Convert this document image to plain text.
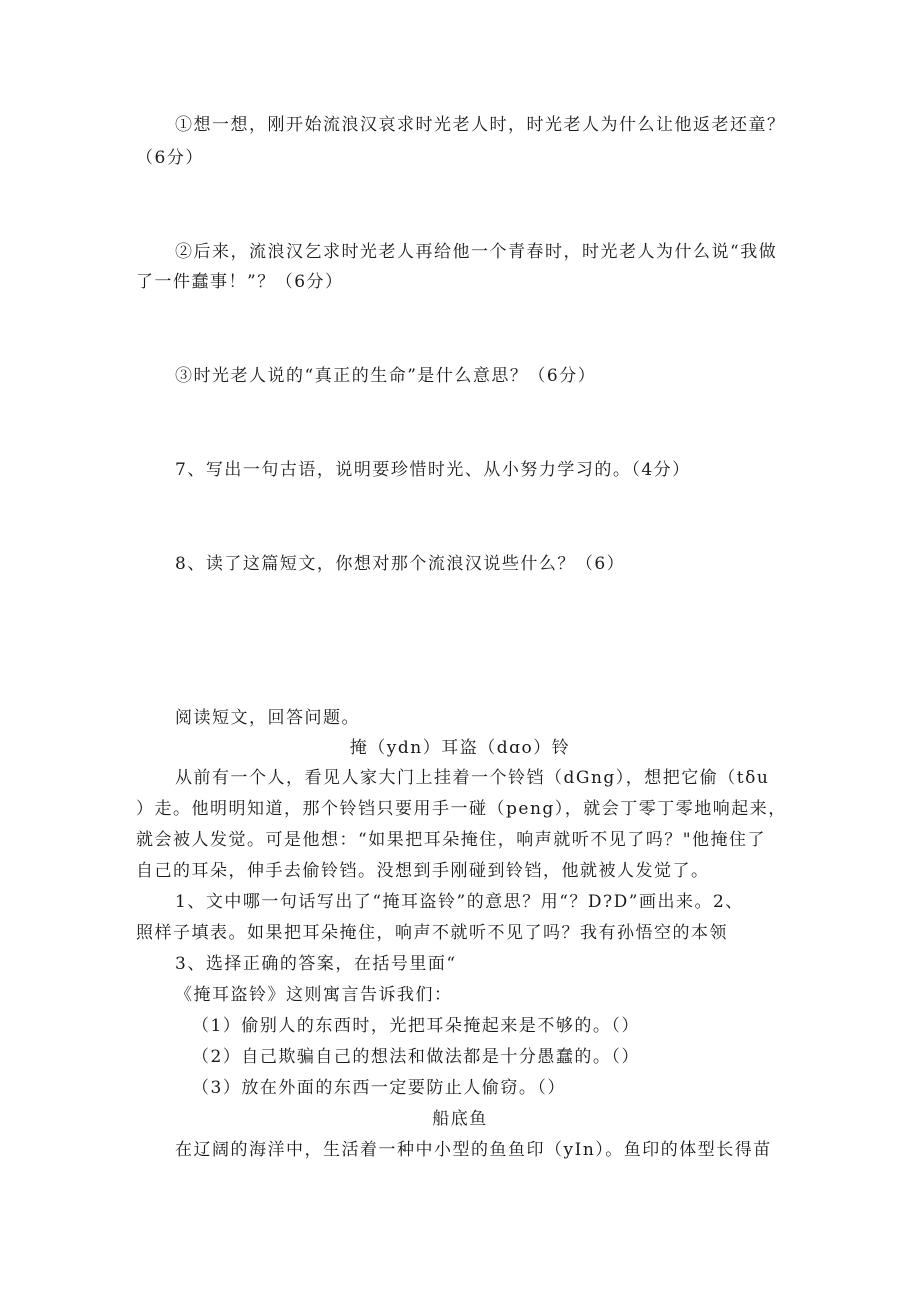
①想一想，刚开始流浪汉哀求时光老人时，时光老人为什么让他返老还童？
（6分）
②后来，流浪汉乞求时光老人再给他一个青春时，时光老人为什么说“我做
了一件蠢事！”？（6分）
③时光老人说的“真正的生命”是什么意思？（6分）
7、写出一句古语，说明要珍惜时光、从小努力学习的。（4分）
8、读了这篇短文，你想对那个流浪汉说些什么？（6）
阅读短文，回答问题。
掩（ydn）耳盗（dɑo）铃
从前有一个人，看见人家大门上挂着一个铃铛（dGng），想把它偷（tδu
）走。他明明知道，那个铃铛只要用手一碰（peng），就会丁零丁零地响起来，
就会被人发觉。可是他想：“如果把耳朵掩住，响声就听不见了吗？"他掩住了
自己的耳朵，伸手去偷铃铛。没想到手刚碰到铃铛，他就被人发觉了。
1、文中哪一句话写出了“掩耳盗铃”的意思？用“？D?D”画出来。2、
照样子填表。如果把耳朵掩住，响声不就听不见了吗？我有孙悟空的本领
3、选择正确的答案，在括号里面“
《掩耳盗铃》这则寓言告诉我们：
（1）偷别人的东西时，光把耳朵掩起来是不够的。（）
（2）自己欺骗自己的想法和做法都是十分愚蠢的。（）
（3）放在外面的东西一定要防止人偷窃。（）
船底鱼
在辽阔的海洋中，生活着一种中小型的鱼鱼印（yIn）。鱼印的体型长得苗
